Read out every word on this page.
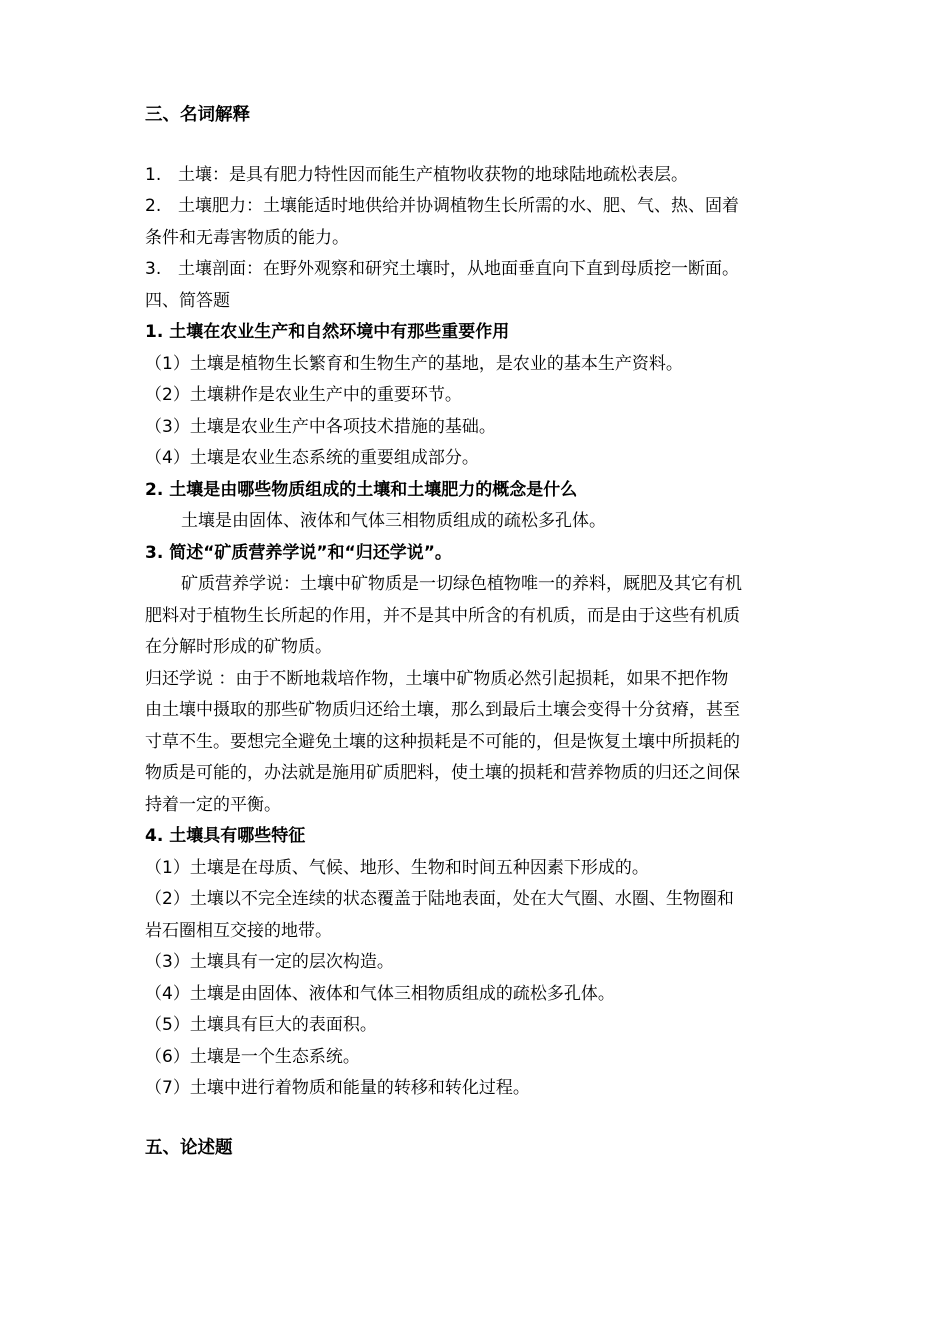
三、名词解释
1. 土壤：是具有肥力特性因而能生产植物收获物的地球陆地疏松表层。
2. 土壤肥力：土壤能适时地供给并协调植物生长所需的水、肥、气、热、固着
条件和无毒害物质的能力。
3. 土壤剖面：在野外观察和研究土壤时，从地面垂直向下直到母质挖一断面。
四、简答题
1. 土壤在农业生产和自然环境中有那些重要作用
（1）土壤是植物生长繁育和生物生产的基地，是农业的基本生产资料。
（2）土壤耕作是农业生产中的重要环节。
（3）土壤是农业生产中各项技术措施的基础。
（4）土壤是农业生态系统的重要组成部分。
2. 土壤是由哪些物质组成的土壤和土壤肥力的概念是什么
土壤是由固体、液体和气体三相物质组成的疏松多孔体。
3. 简述“矿质营养学说”和“归还学说”。
矿质营养学说：土壤中矿物质是一切绿色植物唯一的养料，厩肥及其它有机
肥料对于植物生长所起的作用，并不是其中所含的有机质，而是由于这些有机质
在分解时形成的矿物质。
归还学说 ：由于不断地栽培作物，土壤中矿物质必然引起损耗，如果不把作物
由土壤中摄取的那些矿物质归还给土壤，那么到最后土壤会变得十分贫瘠，甚至
寸草不生。要想完全避免土壤的这种损耗是不可能的，但是恢复土壤中所损耗的
物质是可能的，办法就是施用矿质肥料，使土壤的损耗和营养物质的归还之间保
持着一定的平衡。
4. 土壤具有哪些特征
（1）土壤是在母质、气候、地形、生物和时间五种因素下形成的。
（2）土壤以不完全连续的状态覆盖于陆地表面，处在大气圈、水圈、生物圈和
岩石圈相互交接的地带。
（3）土壤具有一定的层次构造。
（4）土壤是由固体、液体和气体三相物质组成的疏松多孔体。
（5）土壤具有巨大的表面积。
（6）土壤是一个生态系统。
（7）土壤中进行着物质和能量的转移和转化过程。
五、论述题
